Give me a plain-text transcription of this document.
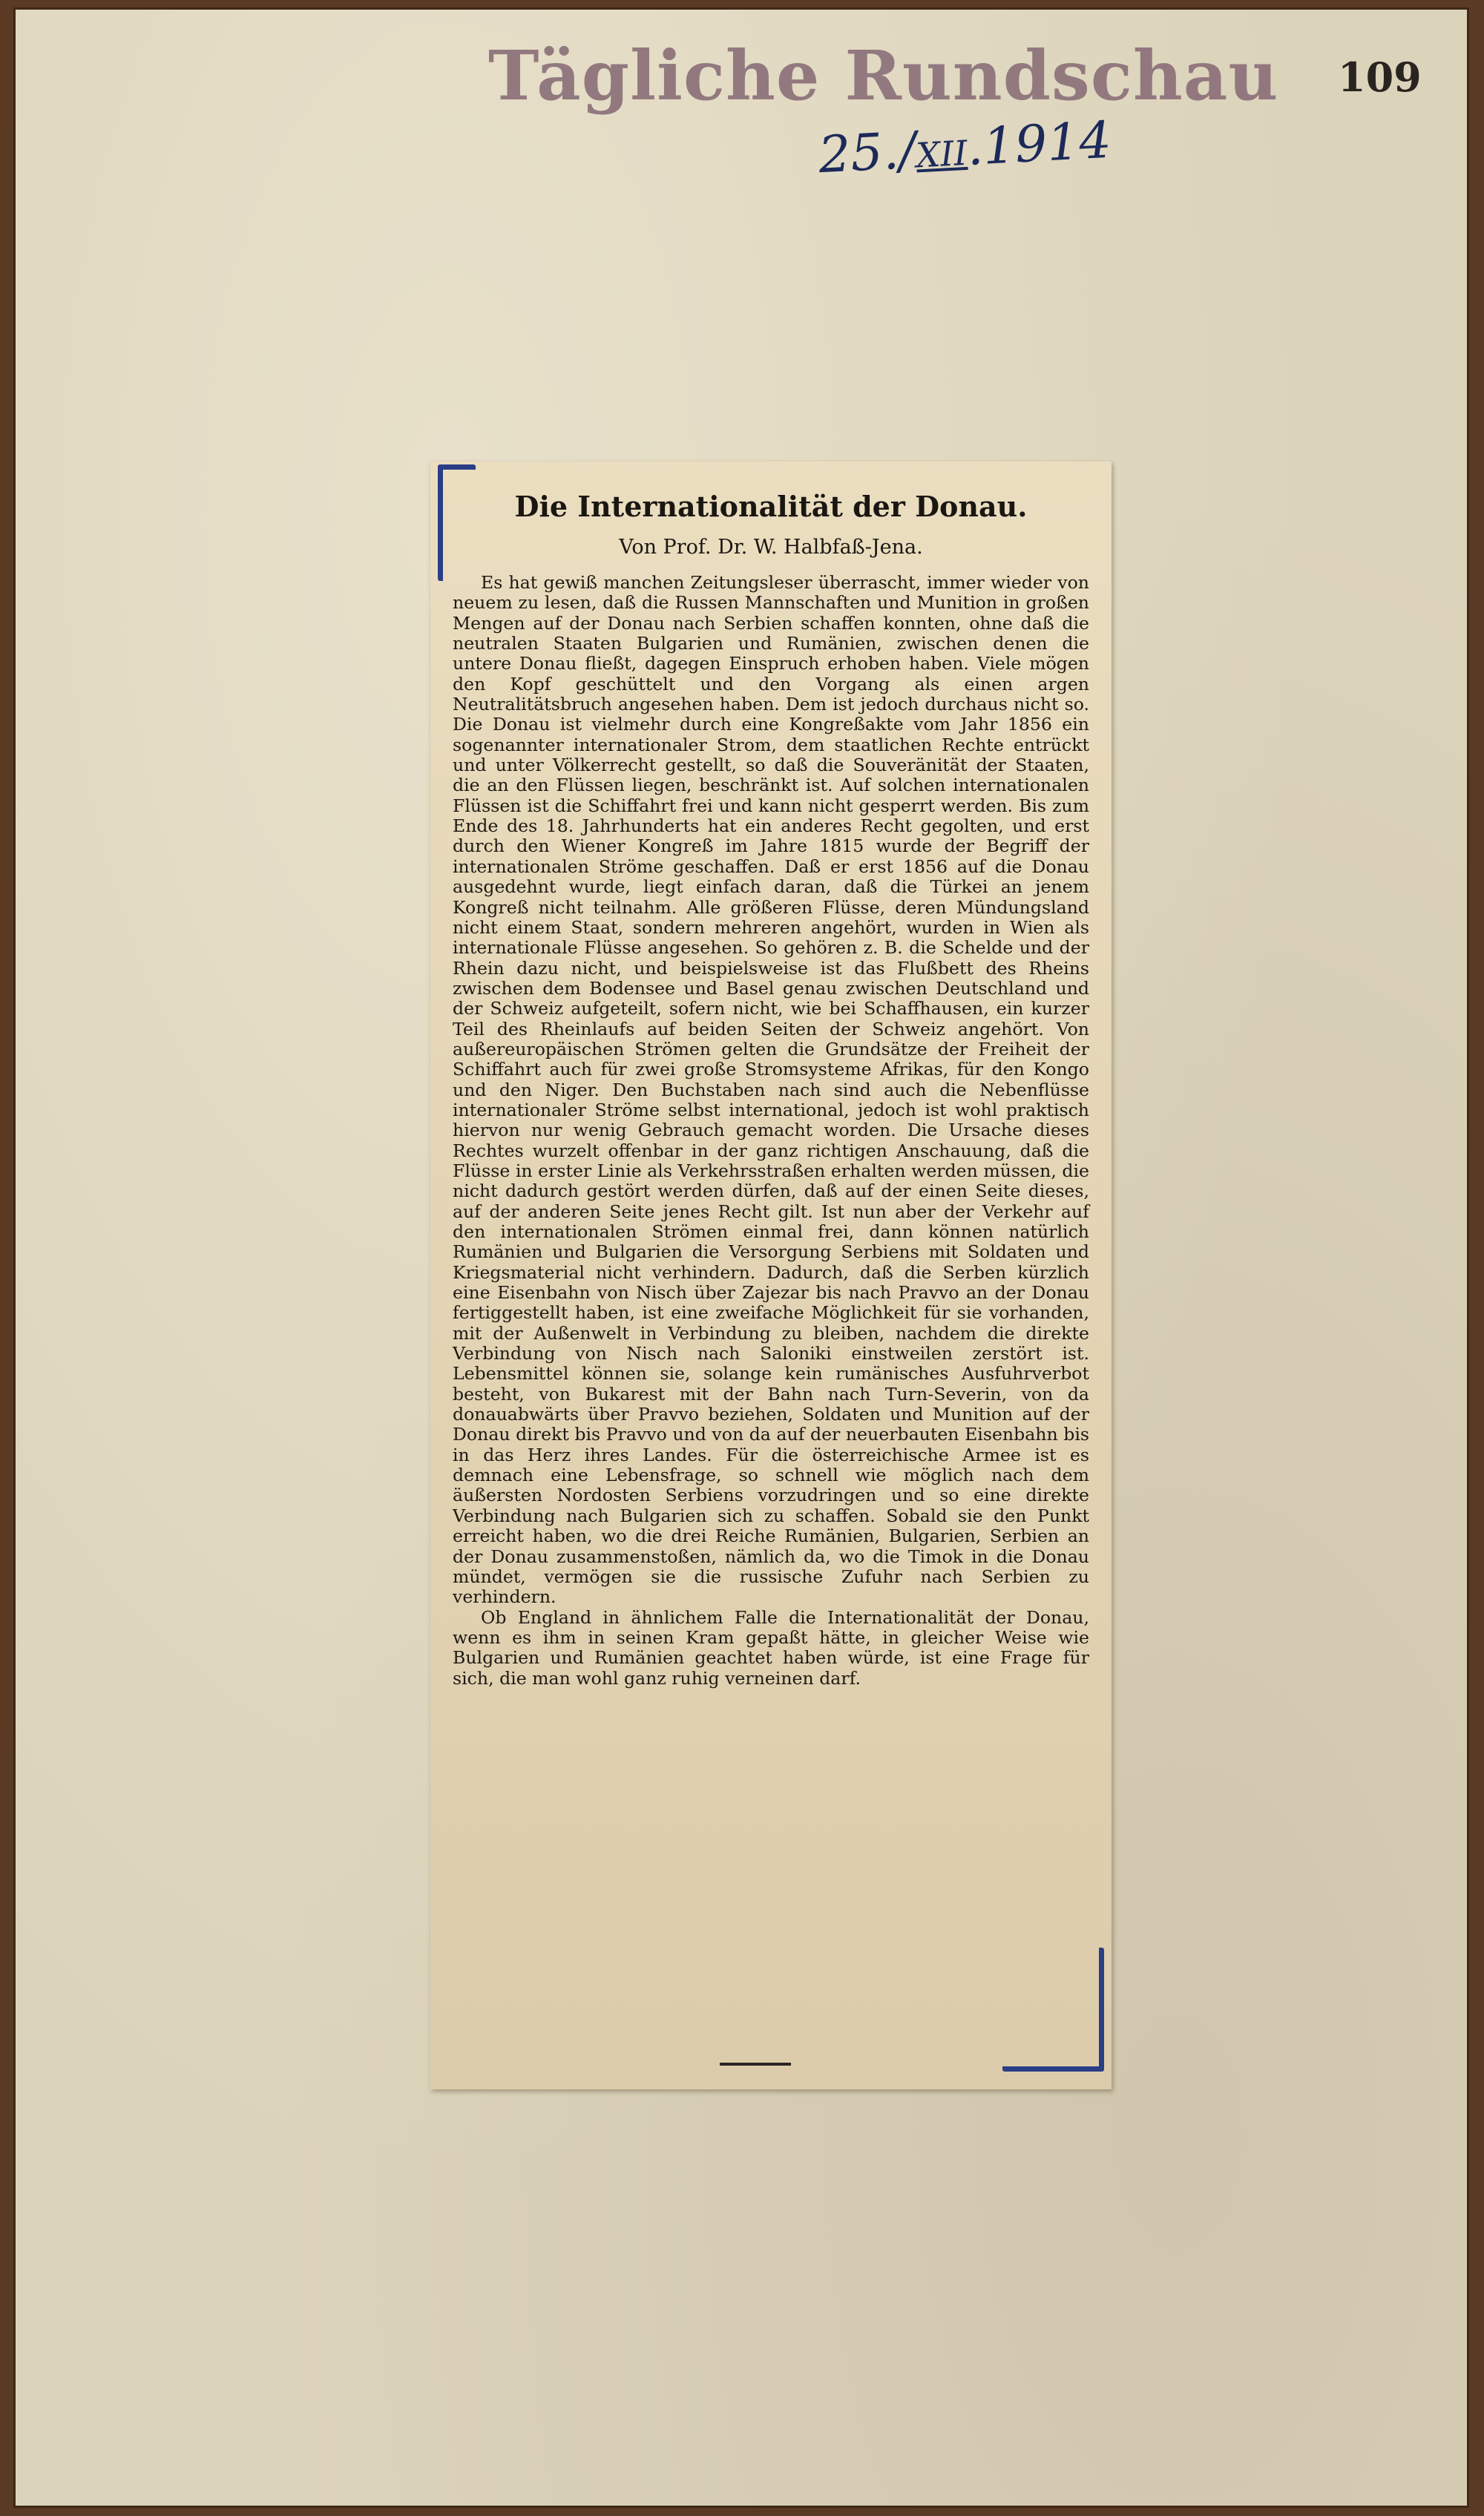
Tägliche Rundschau 109
25./XII.1914
Die Internationalität der Donau.
Von Prof. Dr. W. Halbfaß-Jena.

Es hat gewiß manchen Zeitungsleser überrascht, immer wieder von neuem zu lesen, daß die Russen Mannschaften und Munition in großen Mengen auf der Donau nach Serbien schaffen konnten, ohne daß die neutralen Staaten Bulgarien und Rumänien, zwischen denen die untere Donau fließt, dagegen Einspruch erhoben haben. Viele mögen den Kopf geschüttelt und den Vorgang als einen argen Neutralitätsbruch angesehen haben. Dem ist jedoch durchaus nicht so. Die Donau ist vielmehr durch eine Kongreßakte vom Jahr 1856 ein sogenannter internationaler Strom, dem staatlichen Rechte entrückt und unter Völkerrecht gestellt, so daß die Souveränität der Staaten, die an den Flüssen liegen, beschränkt ist. Auf solchen internationalen Flüssen ist die Schiffahrt frei und kann nicht gesperrt werden. Bis zum Ende des 18. Jahrhunderts hat ein anderes Recht gegolten, und erst durch den Wiener Kongreß im Jahre 1815 wurde der Begriff der internationalen Ströme geschaffen. Daß er erst 1856 auf die Donau ausgedehnt wurde, liegt einfach daran, daß die Türkei an jenem Kongreß nicht teilnahm. Alle größeren Flüsse, deren Mündungsland nicht einem Staat, sondern mehreren angehört, wurden in Wien als internationale Flüsse angesehen. So gehören z. B. die Schelde und der Rhein dazu nicht, und beispielsweise ist das Flußbett des Rheins zwischen dem Bodensee und Basel genau zwischen Deutschland und der Schweiz aufgeteilt, sofern nicht, wie bei Schaffhausen, ein kurzer Teil des Rheinlaufs auf beiden Seiten der Schweiz angehört. Von außereuropäischen Strömen gelten die Grundsätze der Freiheit der Schiffahrt auch für zwei große Stromsysteme Afrikas, für den Kongo und den Niger. Den Buchstaben nach sind auch die Nebenflüsse internationaler Ströme selbst international, jedoch ist wohl praktisch hiervon nur wenig Gebrauch gemacht worden. Die Ursache dieses Rechtes wurzelt offenbar in der ganz richtigen Anschauung, daß die Flüsse in erster Linie als Verkehrsstraßen erhalten werden müssen, die nicht dadurch gestört werden dürfen, daß auf der einen Seite dieses, auf der anderen Seite jenes Recht gilt. Ist nun aber der Verkehr auf den internationalen Strömen einmal frei, dann können natürlich Rumänien und Bulgarien die Versorgung Serbiens mit Soldaten und Kriegsmaterial nicht verhindern. Dadurch, daß die Serben kürzlich eine Eisenbahn von Nisch über Zajezar bis nach Pravvo an der Donau fertiggestellt haben, ist eine zweifache Möglichkeit für sie vorhanden, mit der Außenwelt in Verbindung zu bleiben, nachdem die direkte Verbindung von Nisch nach Saloniki einstweilen zerstört ist. Lebensmittel können sie, solange kein rumänisches Ausfuhrverbot besteht, von Bukarest mit der Bahn nach Turn-Severin, von da donauabwärts über Pravvo beziehen, Soldaten und Munition auf der Donau direkt bis Pravvo und von da auf der neuerbauten Eisenbahn bis in das Herz ihres Landes. Für die österreichische Armee ist es demnach eine Lebensfrage, so schnell wie möglich nach dem äußersten Nordosten Serbiens vorzudringen und so eine direkte Verbindung nach Bulgarien sich zu schaffen. Sobald sie den Punkt erreicht haben, wo die drei Reiche Rumänien, Bulgarien, Serbien an der Donau zusammenstoßen, nämlich da, wo die Timok in die Donau mündet, vermögen sie die russische Zufuhr nach Serbien zu verhindern.

Ob England in ähnlichem Falle die Internationalität der Donau, wenn es ihm in seinen Kram gepaßt hätte, in gleicher Weise wie Bulgarien und Rumänien geachtet haben würde, ist eine Frage für sich, die man wohl ganz ruhig verneinen darf.
